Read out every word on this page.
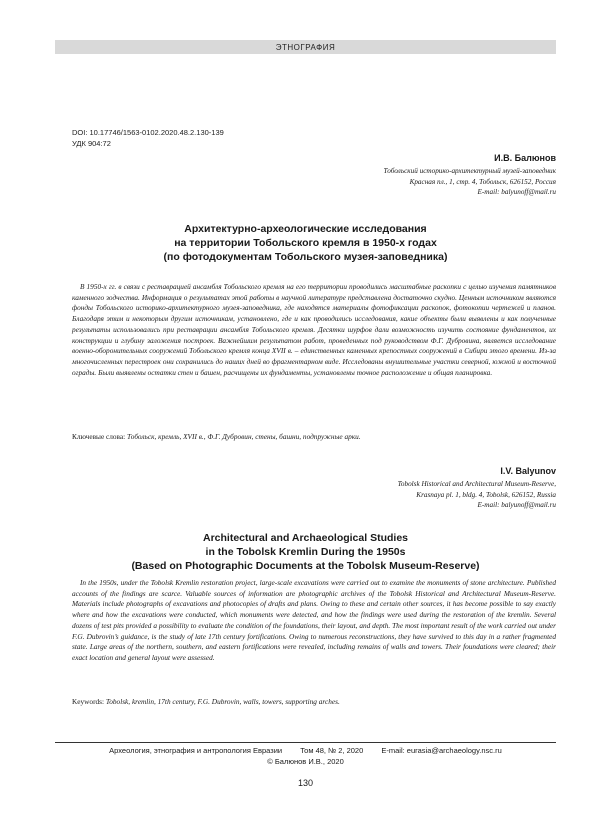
ЭТНОГРАФИЯ
DOI: 10.17746/1563-0102.2020.48.2.130-139
УДК 904:72
И.В. Балюнов
Тобольский историко-архитектурный музей-заповедник
Красная пл., 1, стр. 4, Тобольск, 626152, Россия
E-mail: balyunoff@mail.ru
Архитектурно-археологические исследования
на территории Тобольского кремля в 1950-х годах
(по фотодокументам Тобольского музея-заповедника)
В 1950-х гг. в связи с реставрацией ансамбля Тобольского кремля на его территории проводились масштабные раскопки с целью изучения памятников каменного зодчества. Информация о результатах этой работы в научной литературе представлена достаточно скудно. Ценным источником являются фонды Тобольского историко-архитектурного музея-заповедника, где находятся материалы фотофиксации раскопок, фотокопии чертежей и планов. Благодаря этим и некоторым другим источникам, установлено, где и как проводились исследования, какие объекты были выявлены и как полученные результаты использовались при реставрации ансамбля Тобольского кремля. Десятки шурфов дали возможность изучить состояние фундаментов, их конструкции и глубину заложения построек. Важнейшим результатом работ, проведенных под руководством Ф.Г. Дубровина, является исследование военно-оборонительных сооружений Тобольского кремля конца XVII в. – единственных каменных крепостных сооружений в Сибири этого времени. Из-за многочисленных перестроек они сохранились до наших дней во фрагментарном виде. Исследованы внушительные участки северной, южной и восточной ограды. Были выявлены остатки стен и башен, расчищены их фундаменты, установлены точное расположение и общая планировка.
Ключевые слова: Тобольск, кремль, XVII в., Ф.Г. Дубровин, стены, башни, подпружные арки.
I.V. Balyunov
Tobolsk Historical and Architectural Museum-Reserve,
Krasnaya pl. 1, bldg. 4, Tobolsk, 626152, Russia
E-mail: balyunoff@mail.ru
Architectural and Archaeological Studies
in the Tobolsk Kremlin During the 1950s
(Based on Photographic Documents at the Tobolsk Museum-Reserve)
In the 1950s, under the Tobolsk Kremlin restoration project, large-scale excavations were carried out to examine the monuments of stone architecture. Published accounts of the findings are scarce. Valuable sources of information are photographic archives of the Tobolsk Historical and Architectural Museum-Reserve. Materials include photographs of excavations and photocopies of drafts and plans. Owing to these and certain other sources, it has become possible to say exactly where and how the excavations were conducted, which monuments were detected, and how the findings were used during the restoration of the kremlin. Several dozens of test pits provided a possibility to evaluate the condition of the foundations, their layout, and depth. The most important result of the work carried out under F.G. Dubrovin’s guidance, is the study of late 17th century fortifications. Owing to numerous reconstructions, they have survived to this day in a rather fragmented state. Large areas of the northern, southern, and eastern fortifications were revealed, including remains of walls and towers. Their foundations were cleared; their exact location and general layout were assessed.
Keywords: Tobolsk, kremlin, 17th century, F.G. Dubrovin, walls, towers, supporting arches.
Археология, этнография и антропология Евразии Том 48, № 2, 2020 E-mail: eurasia@archaeology.nsc.ru
© Балюнов И.В., 2020
130
